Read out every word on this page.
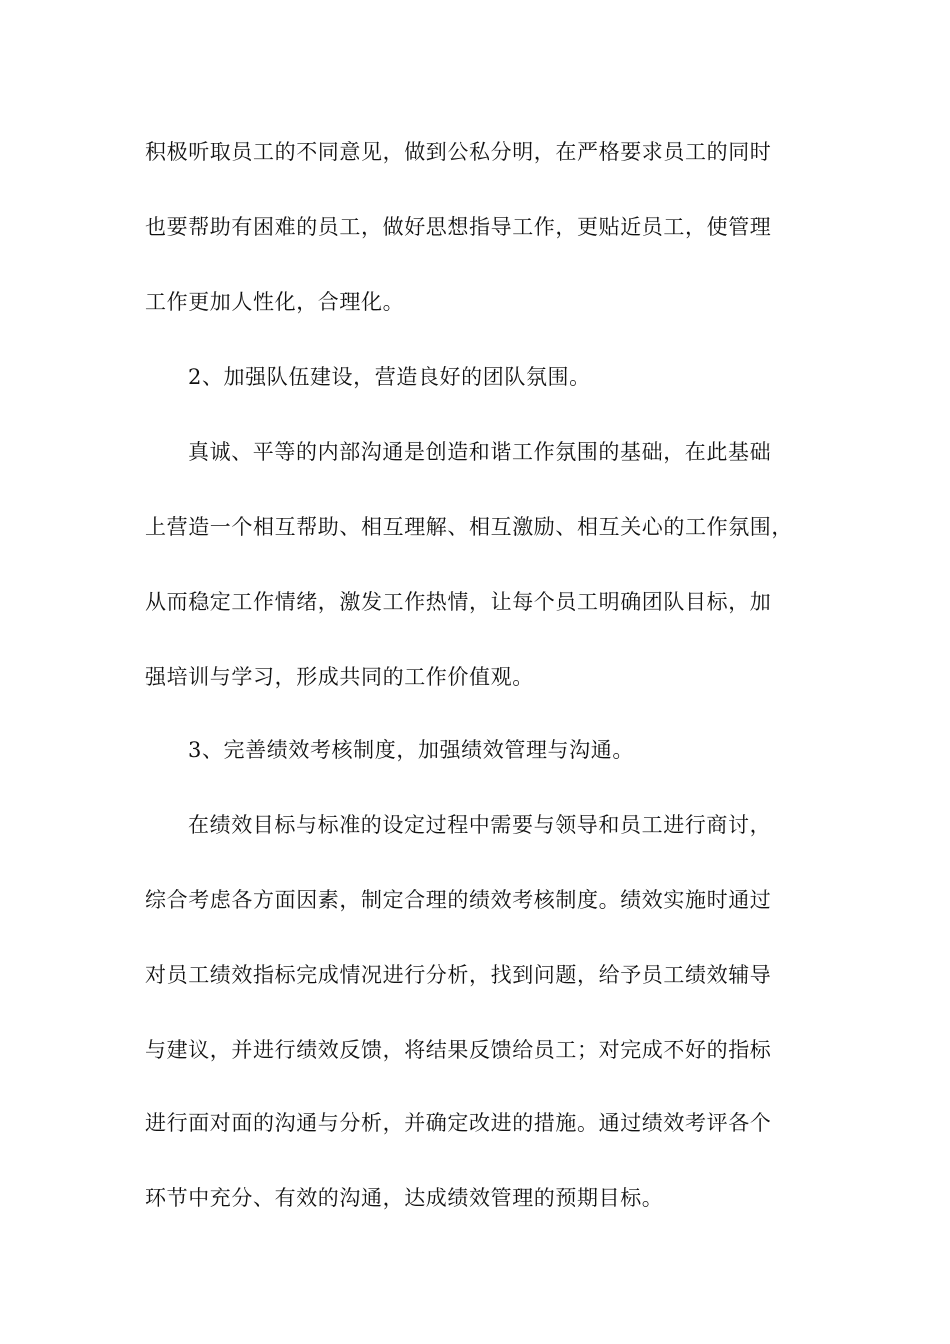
积极听取员工的不同意见，做到公私分明，在严格要求员工的同时
也要帮助有困难的员工，做好思想指导工作，更贴近员工，使管理
工作更加人性化，合理化。
2、加强队伍建设，营造良好的团队氛围。
真诚、平等的内部沟通是创造和谐工作氛围的基础，在此基础
上营造一个相互帮助、相互理解、相互激励、相互关心的工作氛围，
从而稳定工作情绪，激发工作热情，让每个员工明确团队目标，加
强培训与学习，形成共同的工作价值观。
3、完善绩效考核制度，加强绩效管理与沟通。
在绩效目标与标准的设定过程中需要与领导和员工进行商讨，
综合考虑各方面因素，制定合理的绩效考核制度。绩效实施时通过
对员工绩效指标完成情况进行分析，找到问题，给予员工绩效辅导
与建议，并进行绩效反馈，将结果反馈给员工；对完成不好的指标
进行面对面的沟通与分析，并确定改进的措施。通过绩效考评各个
环节中充分、有效的沟通，达成绩效管理的预期目标。
